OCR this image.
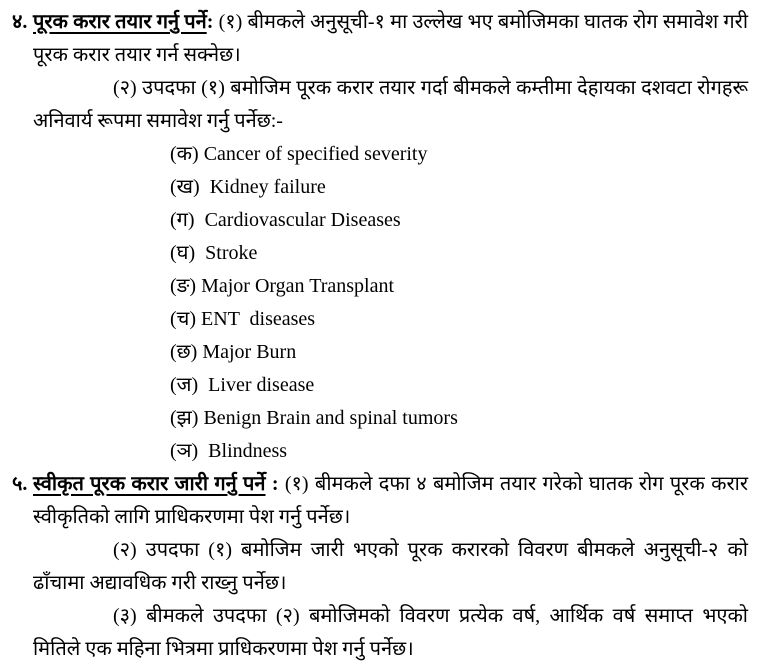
४. पूरक करार तयार गर्नु पर्ने: (१) बीमकले अनुसूची-१ मा उल्लेख भए बमोजिमका घातक रोग समावेश गरी पूरक करार तयार गर्न सक्नेछ।
(२) उपदफा (१) बमोजिम पूरक करार तयार गर्दा बीमकले कम्तीमा देहायका दशवटा रोगहरू अनिवार्य रूपमा समावेश गर्नु पर्नेछ:-
(क) Cancer of specified severity
(ख)  Kidney failure
(ग)  Cardiovascular Diseases
(घ)  Stroke
(ङ) Major Organ Transplant
(च) ENT  diseases
(छ) Major Burn
(ज)  Liver disease
(झ) Benign Brain and spinal tumors
(ञ)  Blindness
५. स्वीकृत पूरक करार जारी गर्नु पर्ने : (१) बीमकले दफा ४ बमोजिम तयार गरेको घातक रोग पूरक करार स्वीकृतिको लागि प्राधिकरणमा पेश गर्नु पर्नेछ।
(२) उपदफा (१) बमोजिम जारी भएको पूरक करारको विवरण बीमकले अनुसूची-२ को ढाँचामा अद्यावधिक गरी राख्नु पर्नेछ।
(३) बीमकले उपदफा (२) बमोजिमको विवरण प्रत्येक वर्ष, आर्थिक वर्ष समाप्त भएको मितिले एक महिना भित्रमा प्राधिकरणमा पेश गर्नु पर्नेछ।
